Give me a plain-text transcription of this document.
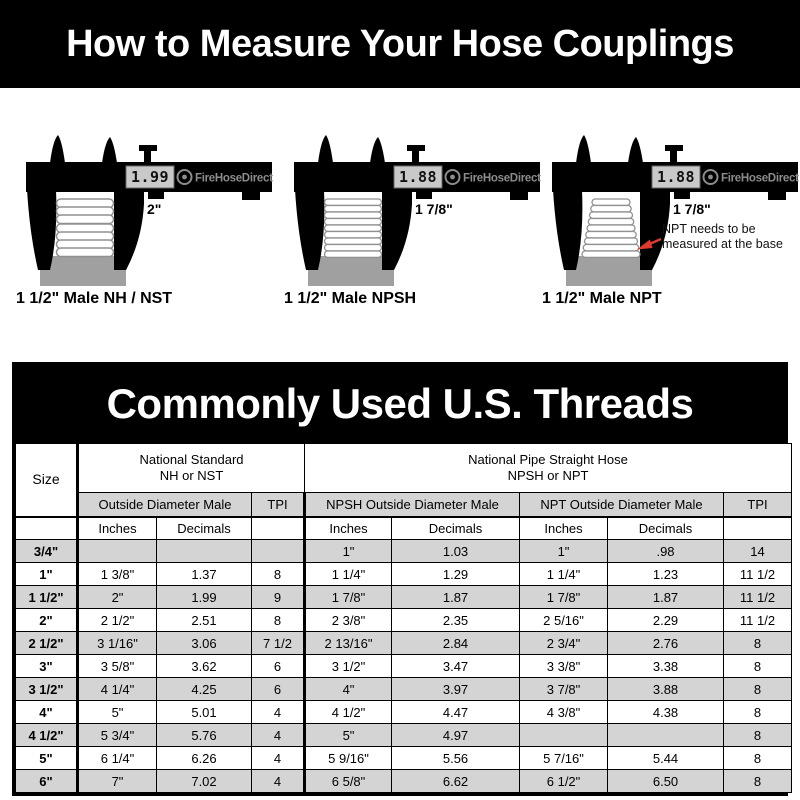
How to Measure Your Hose Couplings
1.99 FireHoseDirect
2"
1 1/2" Male NH / NST
1.88 FireHoseDirect
1 7/8"
1 1/2" Male NPSH
1.88 FireHoseDirect
1 7/8"
NPT needs to be measured at the base
1 1/2" Male NPT
Commonly Used U.S. Threads
Size	National Standard
NH or NST			National Pipe Straight Hose
NPSH or NPT				
	Outside Diameter Male		TPI	NPSH Outside Diameter Male		NPT Outside Diameter Male		TPI
	Inches	Decimals		Inches	Decimals	Inches	Decimals	
3/4"				1"	1.03	1"	.98	14
1"	1 3/8"	1.37	8	1 1/4"	1.29	1 1/4"	1.23	11 1/2
1 1/2"	2"	1.99	9	1 7/8"	1.87	1 7/8"	1.87	11 1/2
2"	2 1/2"	2.51	8	2 3/8"	2.35	2 5/16"	2.29	11 1/2
2 1/2"	3 1/16"	3.06	7 1/2	2 13/16"	2.84	2 3/4"	2.76	8
3"	3 5/8"	3.62	6	3 1/2"	3.47	3 3/8"	3.38	8
3 1/2"	4 1/4"	4.25	6	4"	3.97	3 7/8"	3.88	8
4"	5"	5.01	4	4 1/2"	4.47	4 3/8"	4.38	8
4 1/2"	5 3/4"	5.76	4	5"	4.97			8
5"	6 1/4"	6.26	4	5 9/16"	5.56	5 7/16"	5.44	8
6"	7"	7.02	4	6 5/8"	6.62	6 1/2"	6.50	8
